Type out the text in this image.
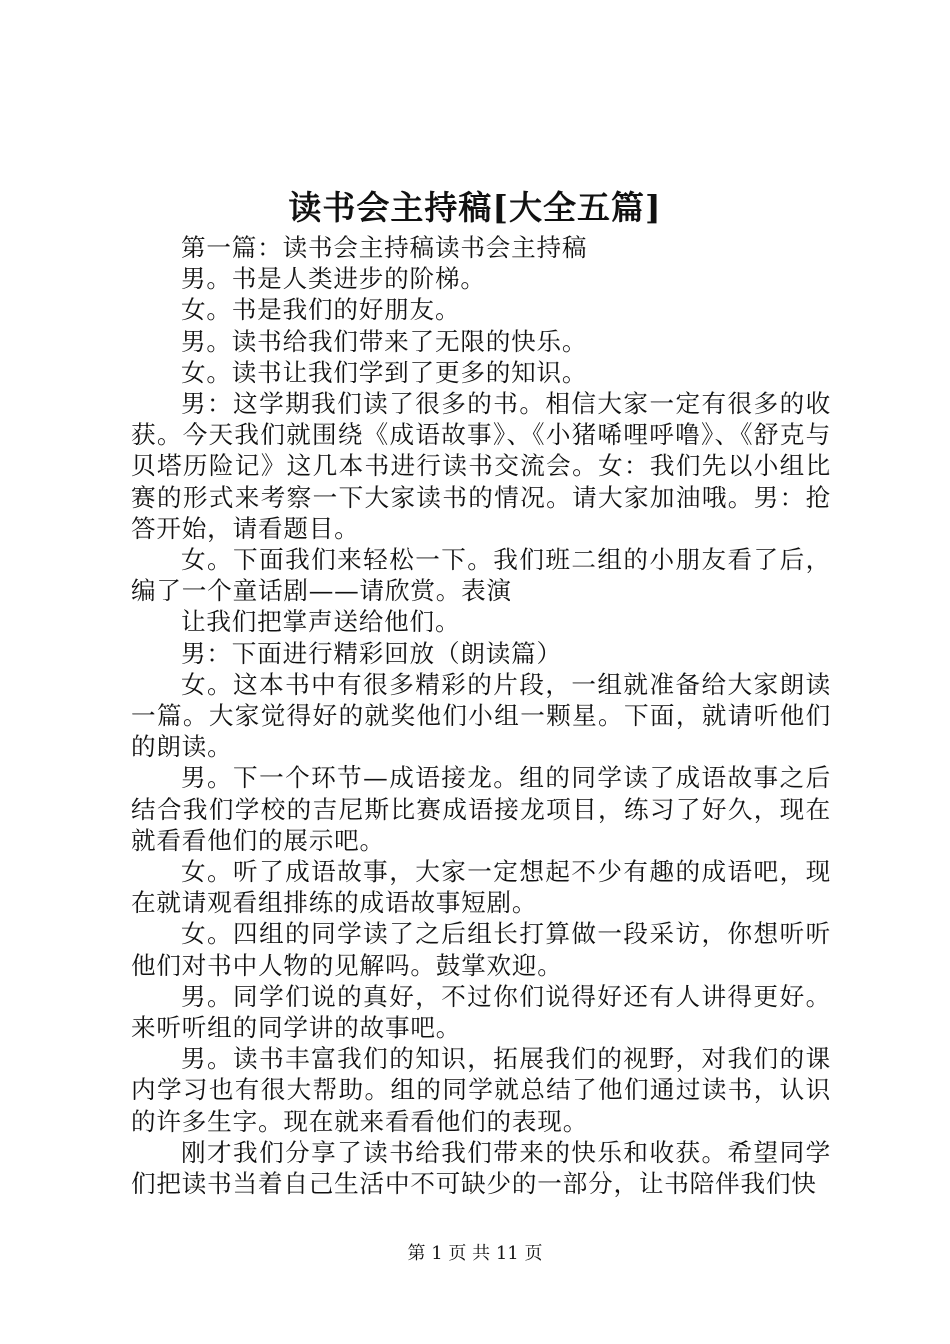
读书会主持稿[大全五篇]

第一篇：读书会主持稿读书会主持稿

男。书是人类进步的阶梯。

女。书是我们的好朋友。

男。读书给我们带来了无限的快乐。

女。读书让我们学到了更多的知识。

男：这学期我们读了很多的书。相信大家一定有很多的收获。今天我们就围绕《成语故事》、《小猪唏哩呼噜》、《舒克与贝塔历险记》这几本书进行读书交流会。女：我们先以小组比赛的形式来考察一下大家读书的情况。请大家加油哦。男：抢答开始，请看题目。

女。下面我们来轻松一下。我们班二组的小朋友看了后，编了一个童话剧——请欣赏。表演

让我们把掌声送给他们。

男：下面进行精彩回放（朗读篇）

女。这本书中有很多精彩的片段，一组就准备给大家朗读一篇。大家觉得好的就奖他们小组一颗星。下面，就请听他们的朗读。

男。下一个环节—成语接龙。组的同学读了成语故事之后结合我们学校的吉尼斯比赛成语接龙项目，练习了好久，现在就看看他们的展示吧。

女。听了成语故事，大家一定想起不少有趣的成语吧，现在就请观看组排练的成语故事短剧。

女。四组的同学读了之后组长打算做一段采访，你想听听他们对书中人物的见解吗。鼓掌欢迎。

男。同学们说的真好，不过你们说得好还有人讲得更好。来听听组的同学讲的故事吧。

男。读书丰富我们的知识，拓展我们的视野，对我们的课内学习也有很大帮助。组的同学就总结了他们通过读书，认识的许多生字。现在就来看看他们的表现。

刚才我们分享了读书给我们带来的快乐和收获。希望同学们把读书当着自己生活中不可缺少的一部分，让书陪伴我们快

第 1 页 共 11 页
